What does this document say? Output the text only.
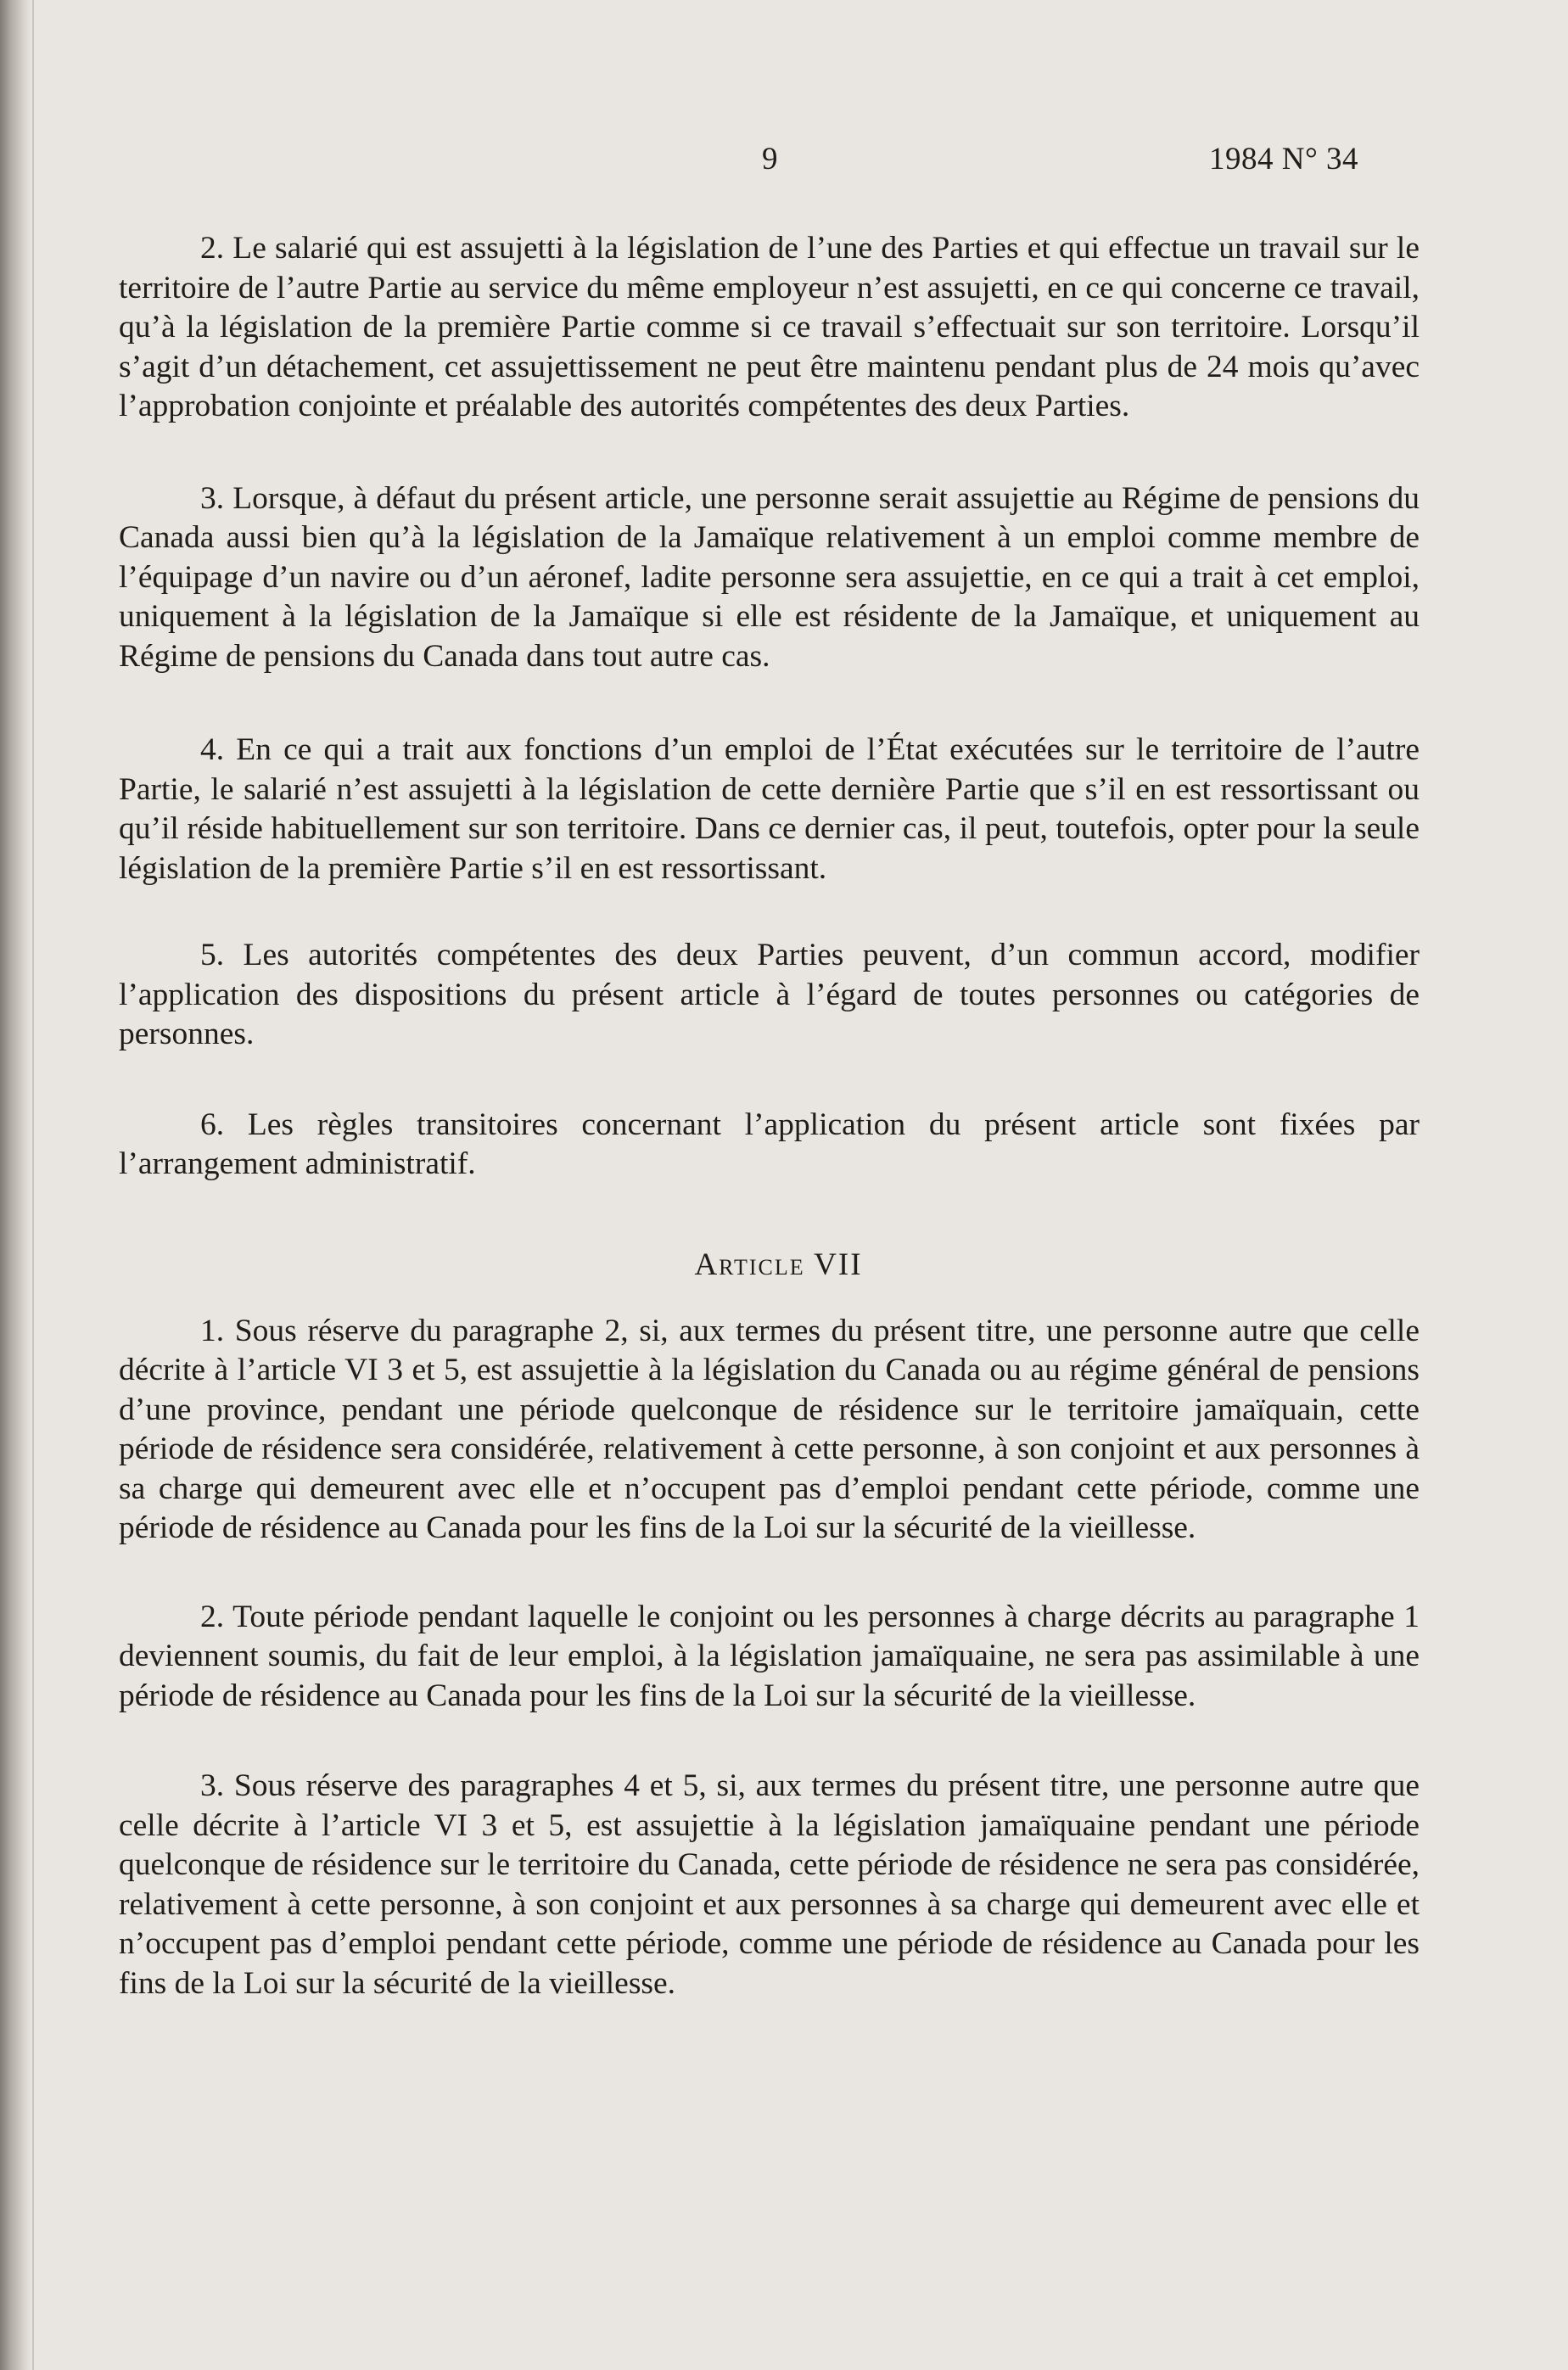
9	1984 N° 34

2. Le salarié qui est assujetti à la législation de l’une des Parties et qui effectue un travail sur le territoire de l’autre Partie au service du même employeur n’est assujetti, en ce qui concerne ce travail, qu’à la législation de la première Partie comme si ce travail s’effectuait sur son territoire. Lorsqu’il s’agit d’un détachement, cet assujettissement ne peut être maintenu pendant plus de 24 mois qu’avec l’approbation conjointe et préalable des autorités compétentes des deux Parties.

3. Lorsque, à défaut du présent article, une personne serait assujettie au Régime de pensions du Canada aussi bien qu’à la législation de la Jamaïque relativement à un emploi comme membre de l’équipage d’un navire ou d’un aéronef, ladite personne sera assujettie, en ce qui a trait à cet emploi, uniquement à la législation de la Jamaïque si elle est résidente de la Jamaïque, et uniquement au Régime de pensions du Canada dans tout autre cas.

4. En ce qui a trait aux fonctions d’un emploi de l’État exécutées sur le territoire de l’autre Partie, le salarié n’est assujetti à la législation de cette dernière Partie que s’il en est ressortissant ou qu’il réside habituellement sur son territoire. Dans ce dernier cas, il peut, toutefois, opter pour la seule législation de la première Partie s’il en est ressortissant.

5. Les autorités compétentes des deux Parties peuvent, d’un commun accord, modifier l’application des dispositions du présent article à l’égard de toutes personnes ou catégories de personnes.

6. Les règles transitoires concernant l’application du présent article sont fixées par l’arrangement administratif.

Article VII

1. Sous réserve du paragraphe 2, si, aux termes du présent titre, une personne autre que celle décrite à l’article VI 3 et 5, est assujettie à la législation du Canada ou au régime général de pensions d’une province, pendant une période quelconque de résidence sur le territoire jamaïquain, cette période de résidence sera considérée, relativement à cette personne, à son conjoint et aux personnes à sa charge qui demeurent avec elle et n’occupent pas d’emploi pendant cette période, comme une période de résidence au Canada pour les fins de la Loi sur la sécurité de la vieillesse.

2. Toute période pendant laquelle le conjoint ou les personnes à charge décrits au paragraphe 1 deviennent soumis, du fait de leur emploi, à la législation jamaïquaine, ne sera pas assimilable à une période de résidence au Canada pour les fins de la Loi sur la sécurité de la vieillesse.

3. Sous réserve des paragraphes 4 et 5, si, aux termes du présent titre, une personne autre que celle décrite à l’article VI 3 et 5, est assujettie à la législation jamaïquaine pendant une période quelconque de résidence sur le territoire du Canada, cette période de résidence ne sera pas considérée, relativement à cette personne, à son conjoint et aux personnes à sa charge qui demeurent avec elle et n’occupent pas d’emploi pendant cette période, comme une période de résidence au Canada pour les fins de la Loi sur la sécurité de la vieillesse.
